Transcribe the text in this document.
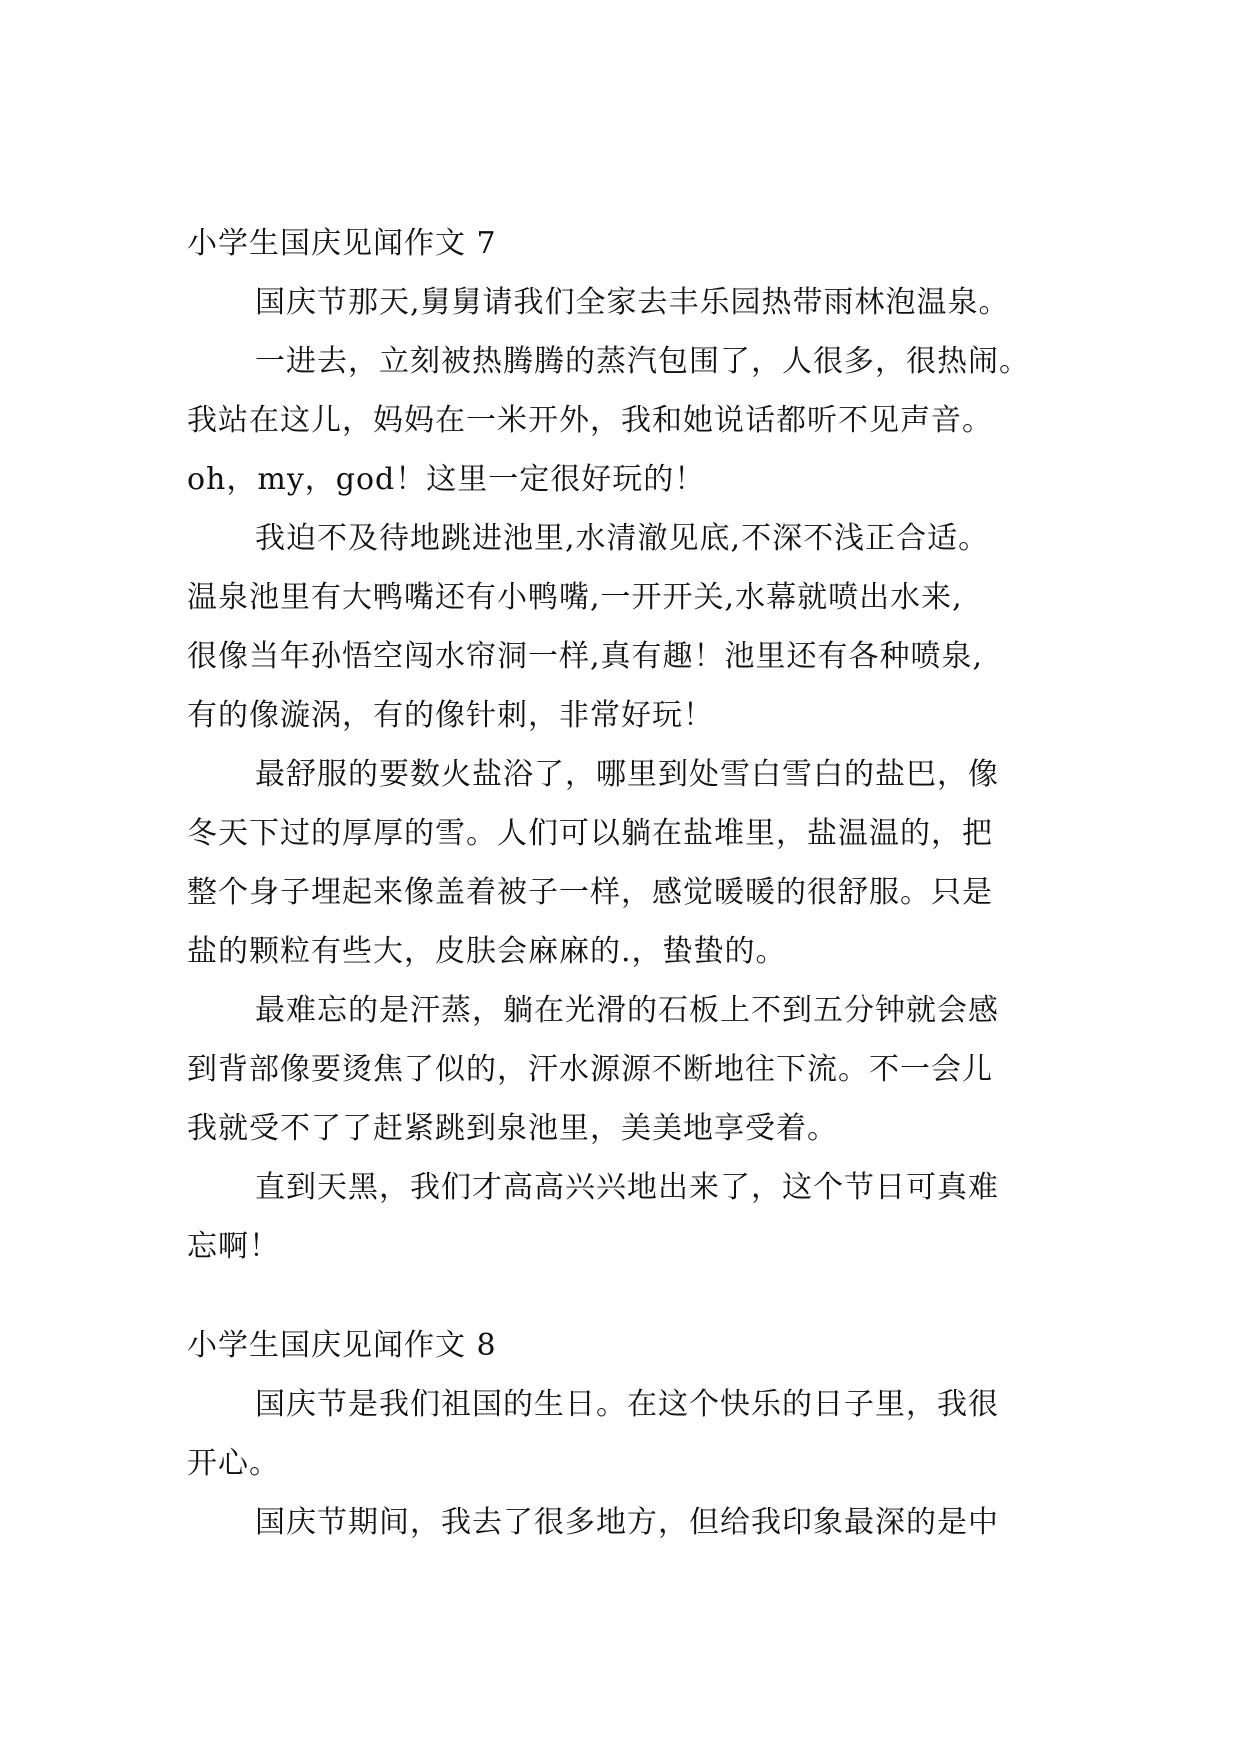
小学生国庆见闻作文 7
国庆节那天,舅舅请我们全家去丰乐园热带雨林泡温泉。
一进去，立刻被热腾腾的蒸汽包围了，人很多，很热闹。
我站在这儿，妈妈在一米开外，我和她说话都听不见声音。
oh，my，god！这里一定很好玩的！
我迫不及待地跳进池里,水清澈见底,不深不浅正合适。
温泉池里有大鸭嘴还有小鸭嘴,一开开关,水幕就喷出水来,
很像当年孙悟空闯水帘洞一样,真有趣！池里还有各种喷泉,
有的像漩涡，有的像针刺，非常好玩！
最舒服的要数火盐浴了，哪里到处雪白雪白的盐巴，像
冬天下过的厚厚的雪。人们可以躺在盐堆里，盐温温的，把
整个身子埋起来像盖着被子一样，感觉暖暖的很舒服。只是
盐的颗粒有些大，皮肤会麻麻的.，蛰蛰的。
最难忘的是汗蒸，躺在光滑的石板上不到五分钟就会感
到背部像要烫焦了似的，汗水源源不断地往下流。不一会儿
我就受不了了赶紧跳到泉池里，美美地享受着。
直到天黑，我们才高高兴兴地出来了，这个节日可真难
忘啊！
小学生国庆见闻作文 8
国庆节是我们祖国的生日。在这个快乐的日子里，我很
开心。
国庆节期间，我去了很多地方，但给我印象最深的是中
